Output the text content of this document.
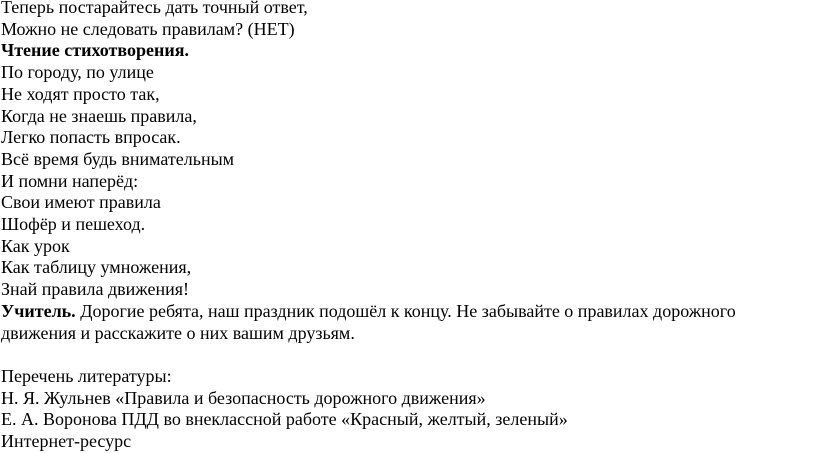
Теперь постарайтесь дать точный ответ,
Можно не следовать правилам? (НЕТ)
Чтение стихотворения.
По городу, по улице
Не ходят просто так,
Когда не знаешь правила,
Легко попасть впросак.
Всё время будь внимательным
И помни наперёд:
Свои имеют правила
Шофёр и пешеход.
Как урок
Как таблицу умножения,
Знай правила движения!
Учитель. Дорогие ребята, наш праздник подошёл к концу. Не забывайте о правилах дорожного движения и расскажите о них вашим друзьям.
Перечень литературы:
Н. Я. Жульнев «Правила и безопасность дорожного движения»
Е. А. Воронова ПДД во внеклассной работе «Красный, желтый, зеленый»
Интернет-ресурс
